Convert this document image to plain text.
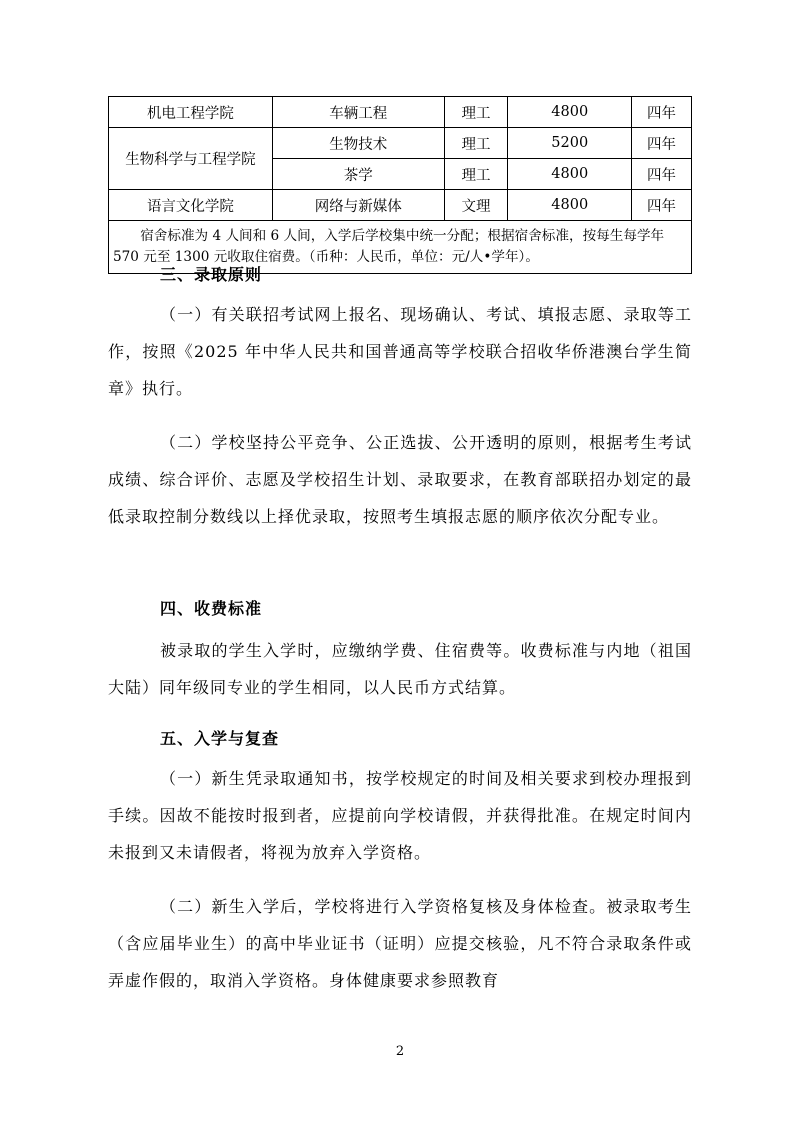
机电工程学院	车辆工程	理工	4800	四年
生物科学与工程学院	生物技术	理工	5200	四年
	茶学	理工	4800	四年
语言文化学院	网络与新媒体	文理	4800	四年
宿舍标准为 4 人间和 6 人间，入学后学校集中统一分配；根据宿舍标准，按每生每学年 570 元至 1300 元收取住宿费。（币种：人民币，单位：元/人•学年）。				
三、录取原则
（一）有关联招考试网上报名、现场确认、考试、填报志愿、录取等工作，按照《2025 年中华人民共和国普通高等学校联合招收华侨港澳台学生简章》执行。
（二）学校坚持公平竞争、公正选拔、公开透明的原则，根据考生考试成绩、综合评价、志愿及学校招生计划、录取要求，在教育部联招办划定的最低录取控制分数线以上择优录取，按照考生填报志愿的顺序依次分配专业。
四、收费标准
被录取的学生入学时，应缴纳学费、住宿费等。收费标准与内地（祖国大陆）同年级同专业的学生相同，以人民币方式结算。
五、入学与复查
（一）新生凭录取通知书，按学校规定的时间及相关要求到校办理报到手续。因故不能按时报到者，应提前向学校请假，并获得批准。在规定时间内未报到又未请假者，将视为放弃入学资格。
（二）新生入学后，学校将进行入学资格复核及身体检查。被录取考生（含应届毕业生）的高中毕业证书（证明）应提交核验，凡不符合录取条件或弄虚作假的，取消入学资格。身体健康要求参照教育
2
